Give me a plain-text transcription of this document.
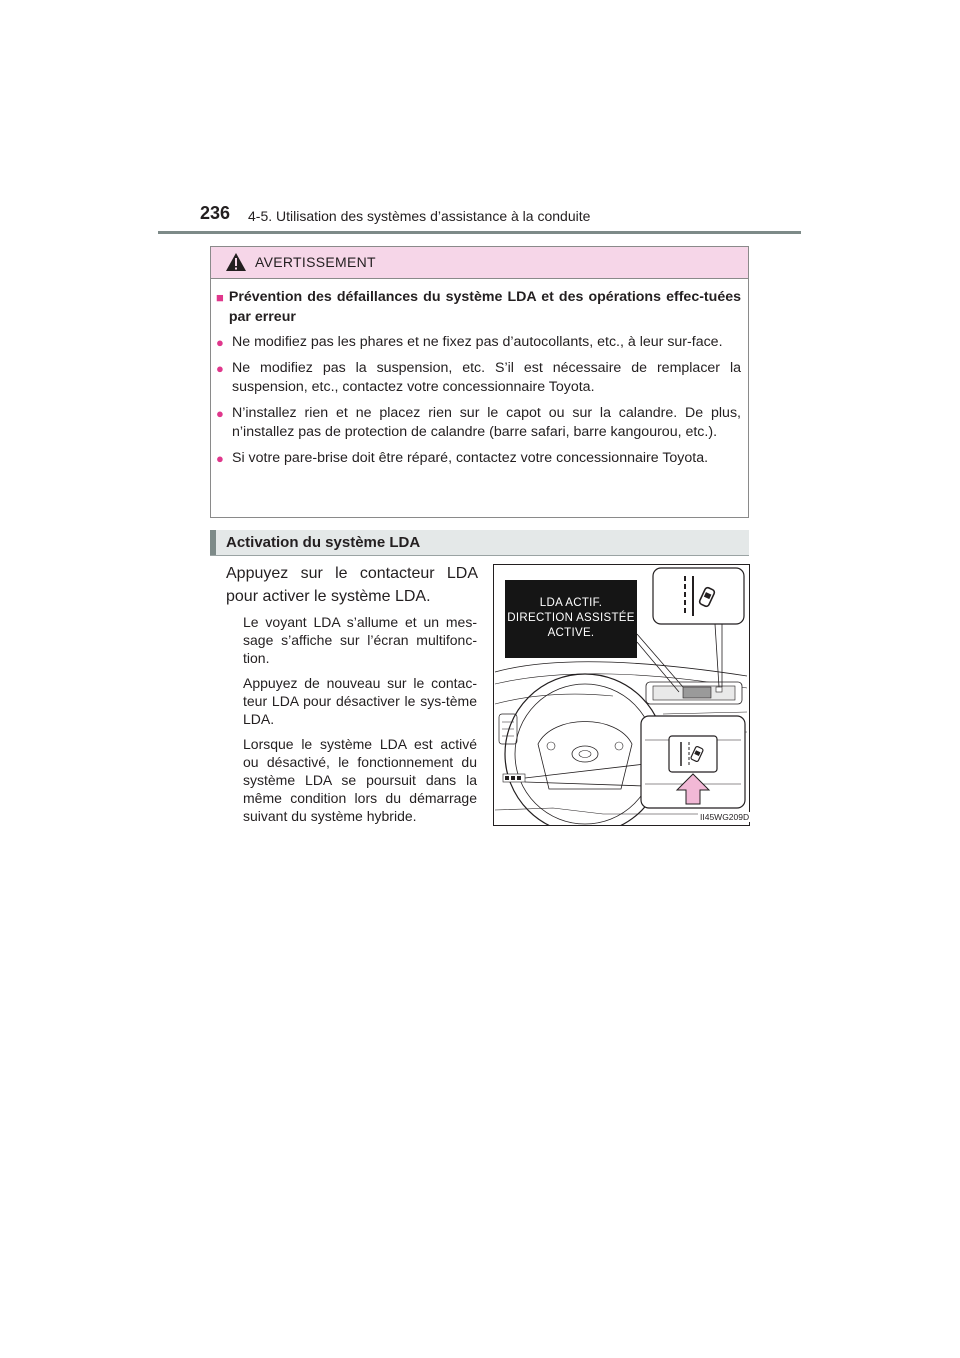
236 4-5. Utilisation des systèmes d’assistance à la conduite
AVERTISSEMENT
■ Prévention des défaillances du système LDA et des opérations effec-tuées par erreur
● Ne modifiez pas les phares et ne fixez pas d’autocollants, etc., à leur sur-face.
● Ne modifiez pas la suspension, etc. S’il est nécessaire de remplacer la suspension, etc., contactez votre concessionnaire Toyota.
● N’installez rien et ne placez rien sur le capot ou sur la calandre. De plus, n’installez pas de protection de calandre (barre safari, barre kangourou, etc.).
● Si votre pare-brise doit être réparé, contactez votre concessionnaire Toyota.
Activation du système LDA
Appuyez sur le contacteur LDA pour activer le système LDA.

Le voyant LDA s’allume et un mes-sage s’affiche sur l’écran multifonc-tion.

Appuyez de nouveau sur le contac-teur LDA pour désactiver le sys-tème LDA.

Lorsque le système LDA est activé ou désactivé, le fonctionnement du système LDA se poursuit dans la même condition lors du démarrage suivant du système hybride.

LDA ACTIF.
DIRECTION ASSISTÉE
ACTIVE.
II45WG209D
